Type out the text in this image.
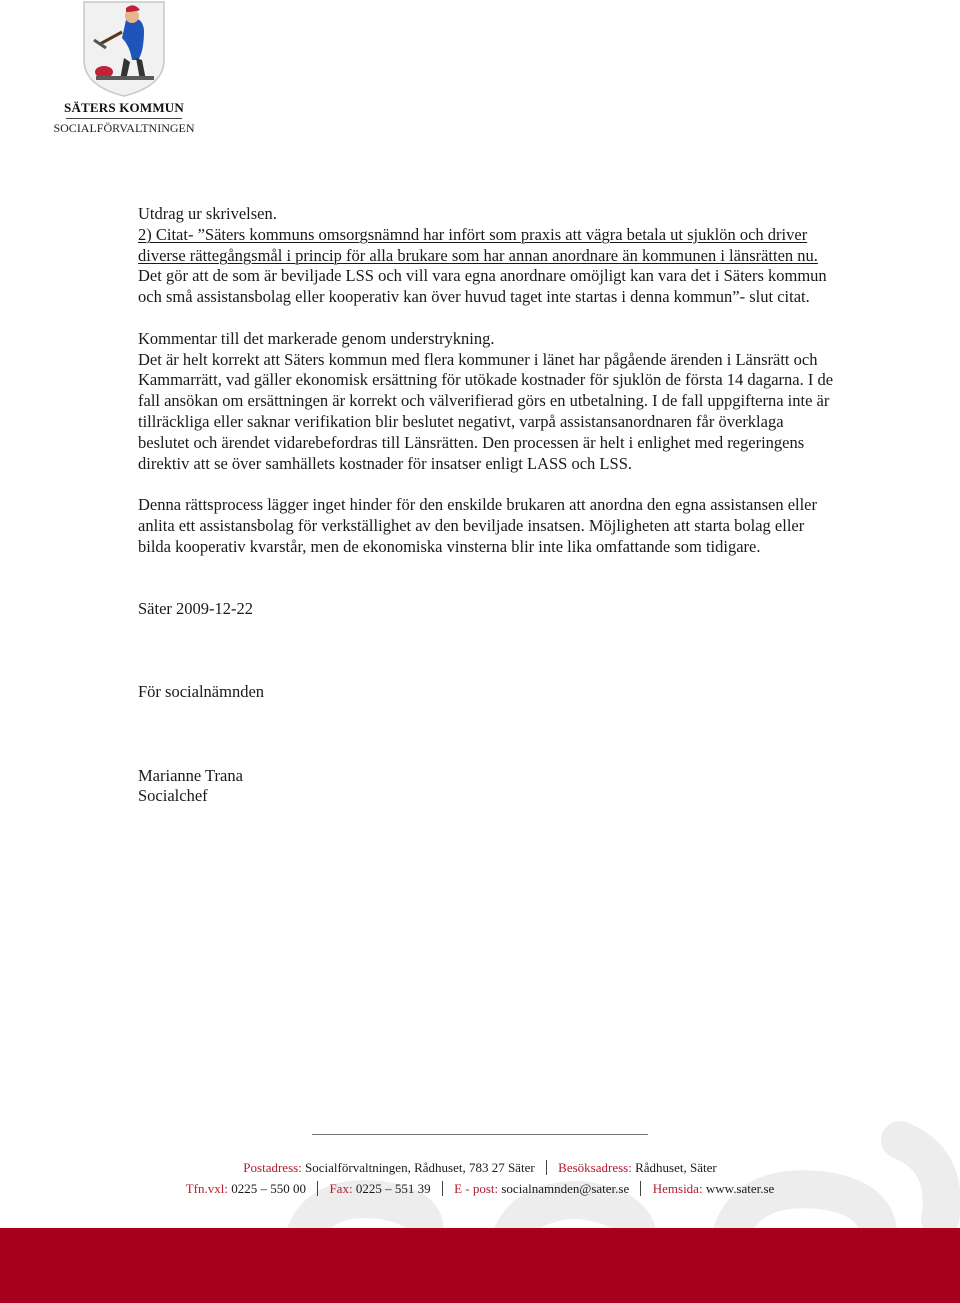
SÄTERS KOMMUN
SOCIALFÖRVALTNINGEN

Utdrag ur skrivelsen.

2) Citat- ”Säters kommuns omsorgsnämnd har infört som praxis att vägra betala ut sjuklön och driver diverse rättegångsmål i princip för alla brukare som har annan anordnare än kommunen i länsrätten nu. Det gör att de som är beviljade LSS och vill vara egna anordnare omöjligt kan vara det i Säters kommun och små assistansbolag eller kooperativ kan över huvud taget inte startas i denna kommun”- slut citat.

Kommentar till det markerade genom understrykning.

Det är helt korrekt att Säters kommun med flera kommuner i länet har pågående ärenden i Länsrätt och Kammarrätt, vad gäller ekonomisk ersättning för utökade kostnader för sjuklön de första 14 dagarna. I de fall ansökan om ersättningen är korrekt och välverifierad görs en utbetalning. I de fall uppgifterna inte är tillräckliga eller saknar verifikation blir beslutet negativt, varpå assistansanordnaren får överklaga beslutet och ärendet vidarebefordras till Länsrätten. Den processen är helt i enlighet med regeringens direktiv att se över samhällets kostnader för insatser enligt LASS och LSS.

Denna rättsprocess lägger inget hinder för den enskilde brukaren att anordna den egna assistansen eller anlita ett assistansbolag för verkställighet av den beviljade insatsen. Möjligheten att starta bolag eller bilda kooperativ kvarstår, men de ekonomiska vinsterna blir inte lika omfattande som tidigare.

Säter 2009-12-22

För socialnämnden

Marianne Trana

Socialchef

Postadress: Socialförvaltningen, Rådhuset, 783 27 Säter Besöksadress: Rådhuset, Säter
Tfn.vxl: 0225 – 550 00 Fax: 0225 – 551 39 E - post: socialnamnden@sater.se Hemsida: www.sater.se
